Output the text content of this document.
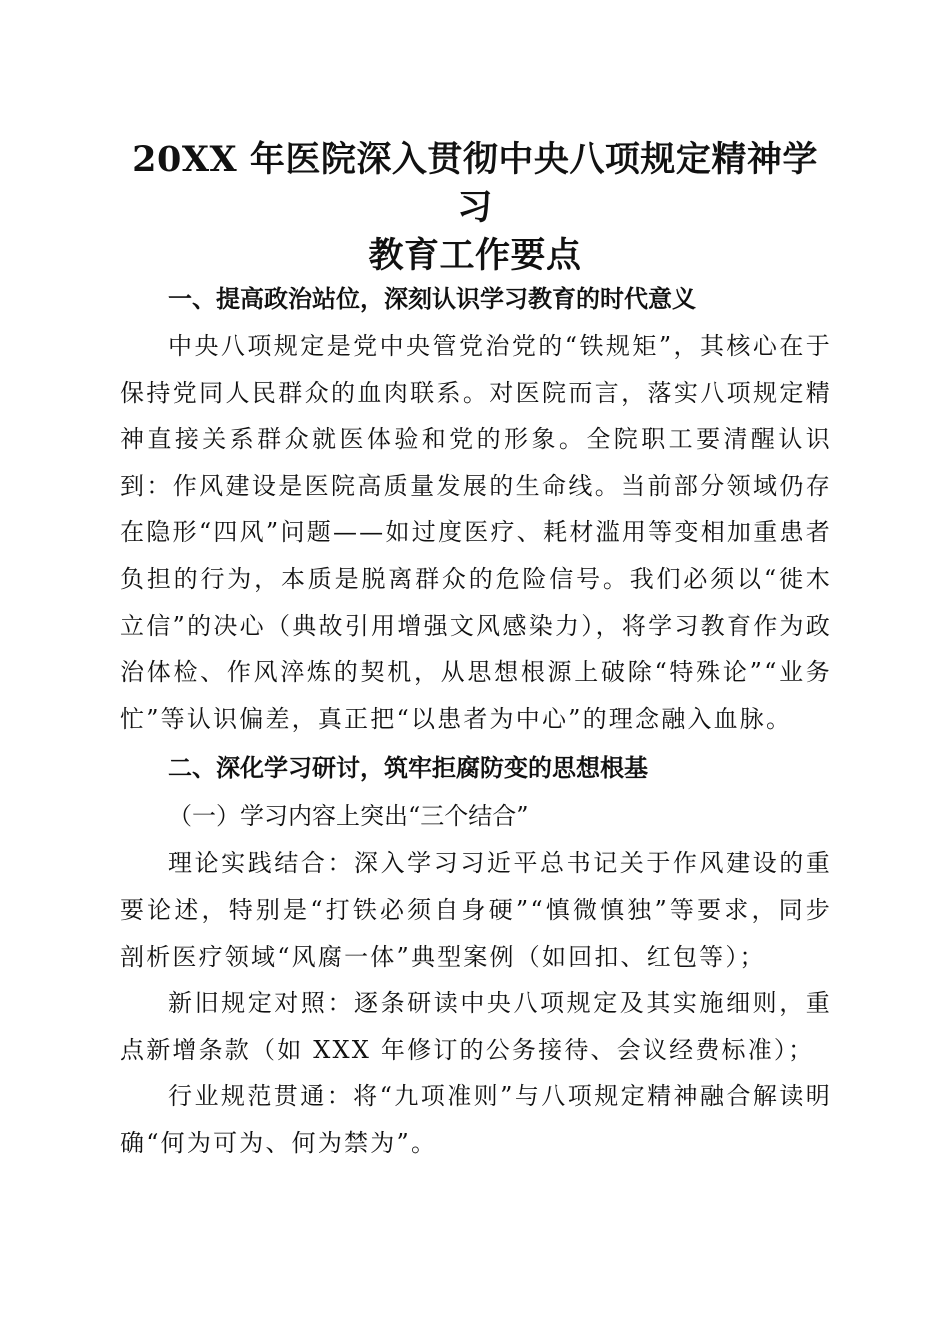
20XX 年医院深入贯彻中央八项规定精神学习
教育工作要点

一、提高政治站位，深刻认识学习教育的时代意义

中央八项规定是党中央管党治党的“铁规矩”，其核心在于保持党同人民群众的血肉联系。对医院而言，落实八项规定精神直接关系群众就医体验和党的形象。全院职工要清醒认识到：作风建设是医院高质量发展的生命线。当前部分领域仍存在隐形“四风”问题——如过度医疗、耗材滥用等变相加重患者负担的行为，本质是脱离群众的危险信号。我们必须以“徙木立信”的决心（典故引用增强文风感染力），将学习教育作为政治体检、作风淬炼的契机，从思想根源上破除“特殊论”“业务忙”等认识偏差，真正把“以患者为中心”的理念融入血脉。

二、深化学习研讨，筑牢拒腐防变的思想根基

（一）学习内容上突出“三个结合”

理论实践结合：深入学习习近平总书记关于作风建设的重要论述，特别是“打铁必须自身硬”“慎微慎独”等要求，同步剖析医疗领域“风腐一体”典型案例（如回扣、红包等）；

新旧规定对照：逐条研读中央八项规定及其实施细则，重点新增条款（如 XXX 年修订的公务接待、会议经费标准）；

行业规范贯通：将“九项准则”与八项规定精神融合解读明确“何为可为、何为禁为”。
